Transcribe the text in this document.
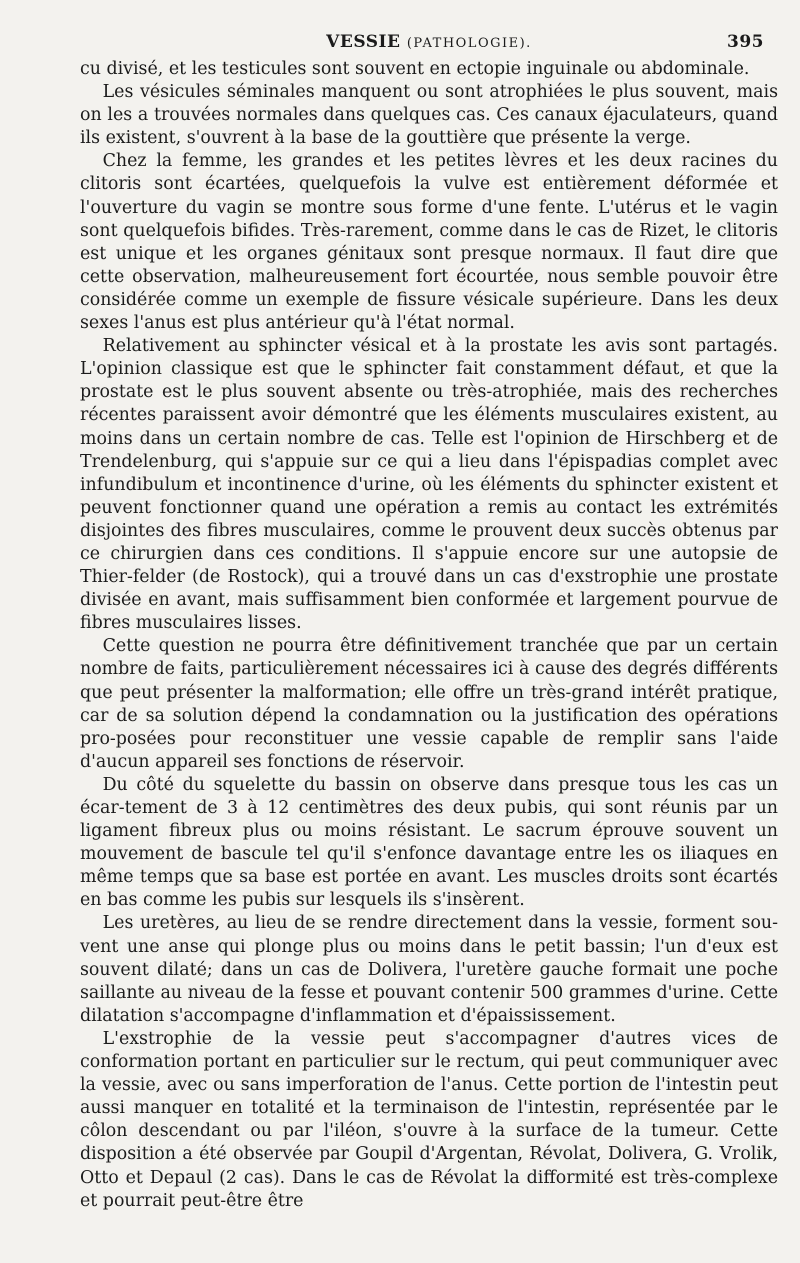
VESSIE (PATHOLOGIE).	395

cu divisé, et les testicules sont souvent en ectopie inguinale ou abdominale.

Les vésicules séminales manquent ou sont atrophiées le plus souvent, mais on les a trouvées normales dans quelques cas. Ces canaux éjaculateurs, quand ils existent, s'ouvrent à la base de la gouttière que présente la verge.

Chez la femme, les grandes et les petites lèvres et les deux racines du clitoris sont écartées, quelquefois la vulve est entièrement déformée et l'ouverture du vagin se montre sous forme d'une fente. L'utérus et le vagin sont quelquefois bifides. Très-rarement, comme dans le cas de Rizet, le clitoris est unique et les organes génitaux sont presque normaux. Il faut dire que cette observation, malheureusement fort écourtée, nous semble pouvoir être considérée comme un exemple de fissure vésicale supérieure. Dans les deux sexes l'anus est plus antérieur qu'à l'état normal.

Relativement au sphincter vésical et à la prostate les avis sont partagés. L'opinion classique est que le sphincter fait constamment défaut, et que la prostate est le plus souvent absente ou très-atrophiée, mais des recherches récentes paraissent avoir démontré que les éléments musculaires existent, au moins dans un certain nombre de cas. Telle est l'opinion de Hirschberg et de Trendelenburg, qui s'appuie sur ce qui a lieu dans l'épispadias complet avec infundibulum et incontinence d'urine, où les éléments du sphincter existent et peuvent fonctionner quand une opération a remis au contact les extrémités disjointes des fibres musculaires, comme le prouvent deux succès obtenus par ce chirurgien dans ces conditions. Il s'appuie encore sur une autopsie de Thier-felder (de Rostock), qui a trouvé dans un cas d'exstrophie une prostate divisée en avant, mais suffisamment bien conformée et largement pourvue de fibres musculaires lisses.

Cette question ne pourra être définitivement tranchée que par un certain nombre de faits, particulièrement nécessaires ici à cause des degrés différents que peut présenter la malformation; elle offre un très-grand intérêt pratique, car de sa solution dépend la condamnation ou la justification des opérations pro-posées pour reconstituer une vessie capable de remplir sans l'aide d'aucun appareil ses fonctions de réservoir.

Du côté du squelette du bassin on observe dans presque tous les cas un écar-tement de 3 à 12 centimètres des deux pubis, qui sont réunis par un ligament fibreux plus ou moins résistant. Le sacrum éprouve souvent un mouvement de bascule tel qu'il s'enfonce davantage entre les os iliaques en même temps que sa base est portée en avant. Les muscles droits sont écartés en bas comme les pubis sur lesquels ils s'insèrent.

Les uretères, au lieu de se rendre directement dans la vessie, forment sou-vent une anse qui plonge plus ou moins dans le petit bassin; l'un d'eux est souvent dilaté; dans un cas de Dolivera, l'uretère gauche formait une poche saillante au niveau de la fesse et pouvant contenir 500 grammes d'urine. Cette dilatation s'accompagne d'inflammation et d'épaississement.

L'exstrophie de la vessie peut s'accompagner d'autres vices de conformation portant en particulier sur le rectum, qui peut communiquer avec la vessie, avec ou sans imperforation de l'anus. Cette portion de l'intestin peut aussi manquer en totalité et la terminaison de l'intestin, représentée par le côlon descendant ou par l'iléon, s'ouvre à la surface de la tumeur. Cette disposition a été observée par Goupil d'Argentan, Révolat, Dolivera, G. Vrolik, Otto et Depaul (2 cas). Dans le cas de Révolat la difformité est très-complexe et pourrait peut-être être
